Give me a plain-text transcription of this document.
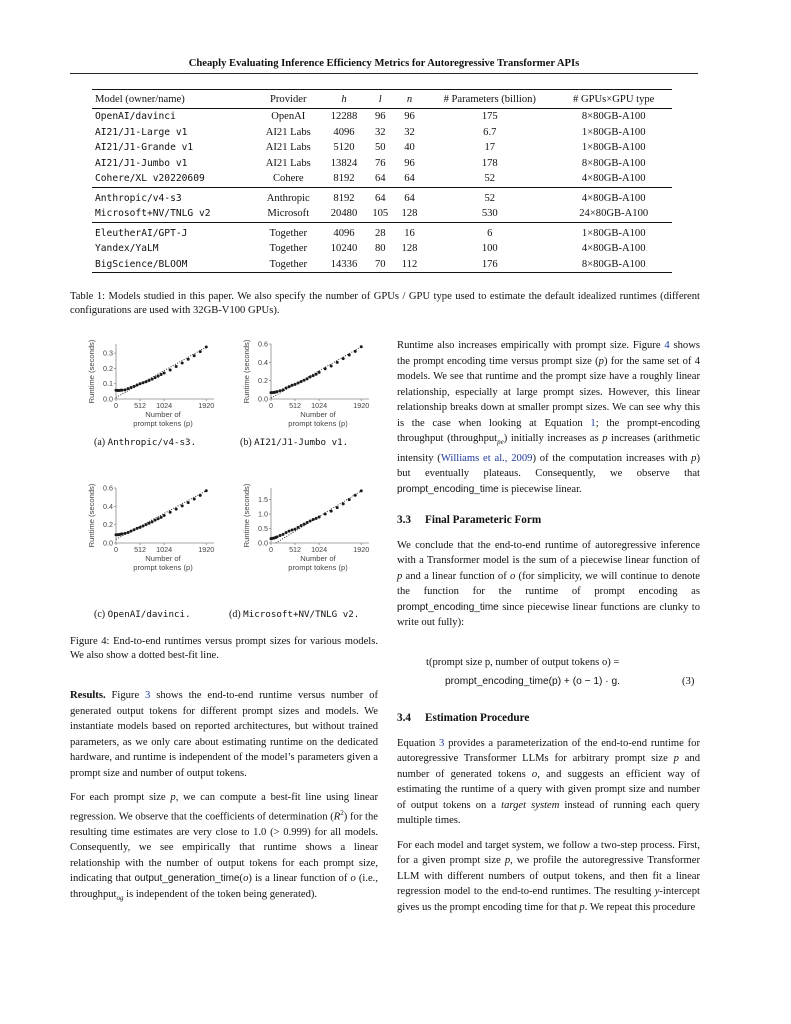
Cheaply Evaluating Inference Efficiency Metrics for Autoregressive Transformer APIs
Model (owner/name)	Provider	h	l	n	# Parameters (billion)	# GPUs×GPU type
OpenAI/davinci	OpenAI	12288	96	96	175	8×80GB-A100
AI21/J1-Large v1	AI21 Labs	4096	32	32	6.7	1×80GB-A100
AI21/J1-Grande v1	AI21 Labs	5120	50	40	17	1×80GB-A100
AI21/J1-Jumbo v1	AI21 Labs	13824	76	96	178	8×80GB-A100
Cohere/XL v20220609	Cohere	8192	64	64	52	4×80GB-A100
Anthropic/v4-s3	Anthropic	8192	64	64	52	4×80GB-A100
Microsoft+NV/TNLG v2	Microsoft	20480	105	128	530	24×80GB-A100
EleutherAI/GPT-J	Together	4096	28	16	6	1×80GB-A100
Yandex/YaLM	Together	10240	80	128	100	4×80GB-A100
BigScience/BLOOM	Together	14336	70	112	176	8×80GB-A100
Table 1: Models studied in this paper. We also specify the number of GPUs / GPU type used to estimate the default idealized runtimes (different configurations are used with 32GB-V100 GPUs).
0.0
0.1
0.2
0.3
0 512 1024	1920
Runtime (seconds)
Number of
prompt tokens (p)
(a) Anthropic/v4-s3.
0.0
0.2
0.4
0.6
0 512 1024	1920
Runtime (seconds)
Number of
prompt tokens (p)
(b) AI21/J1-Jumbo v1.
0.0
0.2
0.4
0.6
0 512 1024	1920
Runtime (seconds)
Number of
prompt tokens (p)
(c) OpenAI/davinci.
0.0
0.5
1.0
1.5
0 512 1024	1920
Runtime (seconds)
Number of
prompt tokens (p)
(d) Microsoft+NV/TNLG v2.
Figure 4: End-to-end runtimes versus prompt sizes for various models. We also show a dotted best-fit line.

Results. Figure 3 shows the end-to-end runtime versus number of generated output tokens for different prompt sizes and models. We instantiate models based on reported architectures, but without trained parameters, as we only care about estimating runtime on the dedicated hardware, and runtime is independent of the model’s parameters given a prompt size and number of output tokens.

For each prompt size p, we can compute a best-fit line using linear regression. We observe that the coefficients of determination $(R^2)$ for the resulting time estimates are very close to 1.0 (> 0.999) for all models. Consequently, we see empirically that runtime shows a linear relationship with the number of output tokens for each prompt size, indicating that output_generation_time(o) is a linear function of o (i.e., throughput$_{og}$ is independent of the token being generated).

Runtime also increases empirically with prompt size. Figure 4 shows the prompt encoding time versus prompt size (p) for the same set of 4 models. We see that runtime and the prompt size have a roughly linear relationship, especially at large prompt sizes. However, this linear relationship breaks down at smaller prompt sizes. We can see why this is the case when looking at Equation 1; the prompt-encoding throughput (throughput$_{pe}$) initially increases as p increases (arithmetic intensity (Williams et al., 2009) of the computation increases with p) but eventually plateaus. Consequently, we observe that prompt_encoding_time is piecewise linear.

3.3 Final Parameteric Form

We conclude that the end-to-end runtime of autoregressive inference with a Transformer model is the sum of a piecewise linear function of p and a linear function of o (for simplicity, we will continue to denote the function for the runtime of prompt encoding as prompt_encoding_time since piecewise linear functions are clunky to write out fully):

t(prompt size p, number of output tokens o) =
prompt_encoding_time(p) + (o − 1) · g.	(3)
3.4 Estimation Procedure

Equation 3 provides a parameterization of the end-to-end runtime for autoregressive Transformer LLMs for arbitrary prompt size p and number of generated tokens o, and suggests an efficient way of estimating the runtime of a query with given prompt size and number of output tokens on a target system instead of running each query multiple times.

For each model and target system, we follow a two-step process. First, for a given prompt size p, we profile the autoregressive Transformer LLM with different numbers of output tokens, and then fit a linear regression model to the end-to-end runtimes. The resulting y-intercept gives us the prompt encoding time for that p. We repeat this procedure
